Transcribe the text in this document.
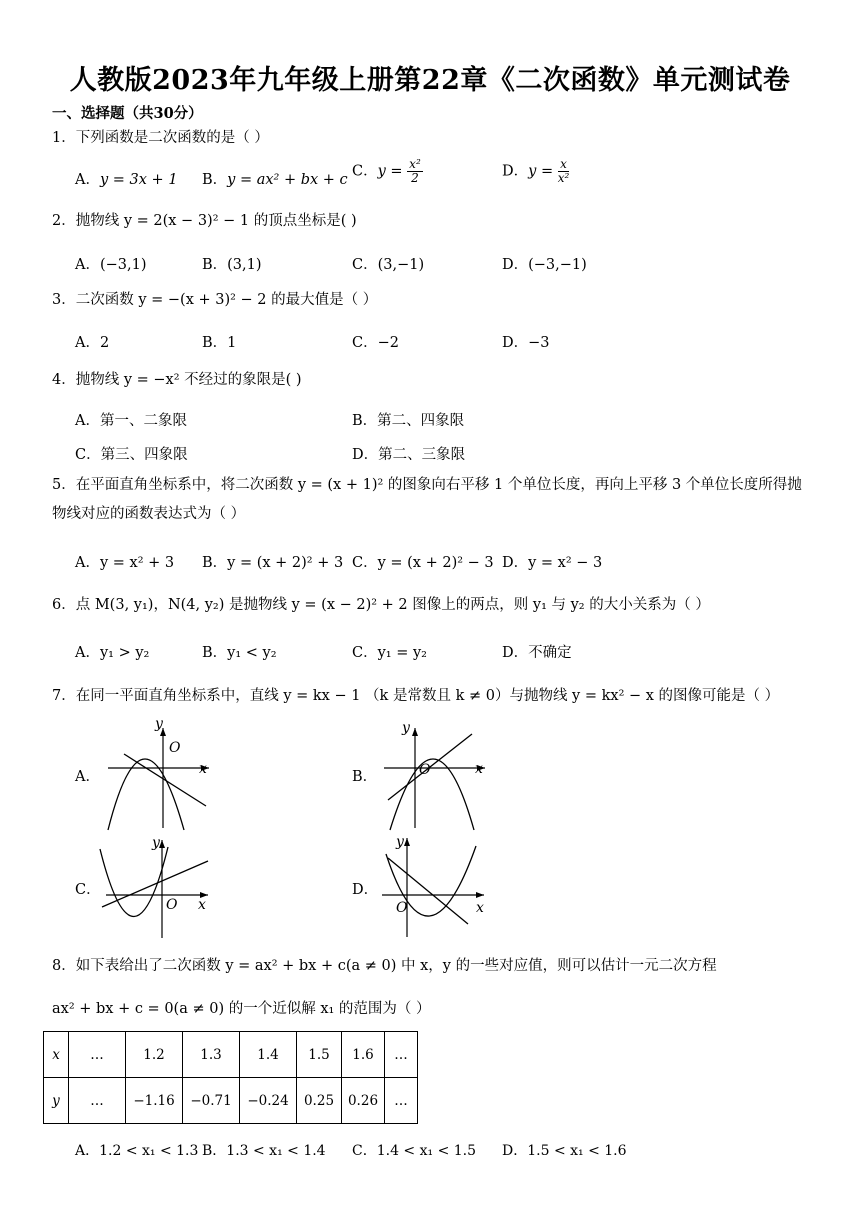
人教版2023年九年级上册第22章《二次函数》单元测试卷
一、选择题（共30分）
1．下列函数是二次函数的是（ ）
A．y = 3x + 1 B．y = ax² + bx + c
C．$y = \frac{\text{x²}}{2}$	D．$y = \frac{x}{\text{x²}}$
2．抛物线 y = 2(x − 3)² − 1 的顶点坐标是( )
A．(−3,1)	B．(3,1)	C．(3,−1)	D．(−3,−1)
3．二次函数 y = −(x + 3)² − 2 的最大值是（ ）
A．2	B．1	C．−2	D．−3
4．抛物线 y = −x² 不经过的象限是( )
A．第一、二象限	B．第二、四象限
C．第三、四象限	D．第二、三象限
5．在平面直角坐标系中，将二次函数 y = (x + 1)² 的图象向右平移 1 个单位长度，再向上平移 3 个单位长度所得抛物线对应的函数表达式为（ ）
A．y = x² + 3 B．y = (x + 2)² + 3 C．y = (x + 2)² − 3 D．y = x² − 3
6．点 M(3, y₁)，N(4, y₂) 是抛物线 y = (x − 2)² + 2 图像上的两点，则 y₁ 与 y₂ 的大小关系为（ ）
A．y₁ > y₂	B．y₁ < y₂	C．y₁ = y₂	D．不确定
7．在同一平面直角坐标系中，直线 y = kx − 1 （k 是常数且 k ≠ 0）与抛物线 y = kx² − x 的图像可能是（ ）
A．
y
O
x	B．
y
O	x
C．
y
O x
D．
y
O	x
8．如下表给出了二次函数 y = ax² + bx + c(a ≠ 0) 中 x，y 的一些对应值，则可以估计一元二次方程
ax² + bx + c = 0(a ≠ 0) 的一个近似解 x₁ 的范围为（ ）
x	…	1.2	1.3	1.4	1.5	1.6	…
y	…	−1.16	−0.71	−0.24	0.25	0.26	…
A．1.2 < x₁ < 1.3 B．1.3 < x₁ < 1.4 C．1.4 < x₁ < 1.5 D．1.5 < x₁ < 1.6
